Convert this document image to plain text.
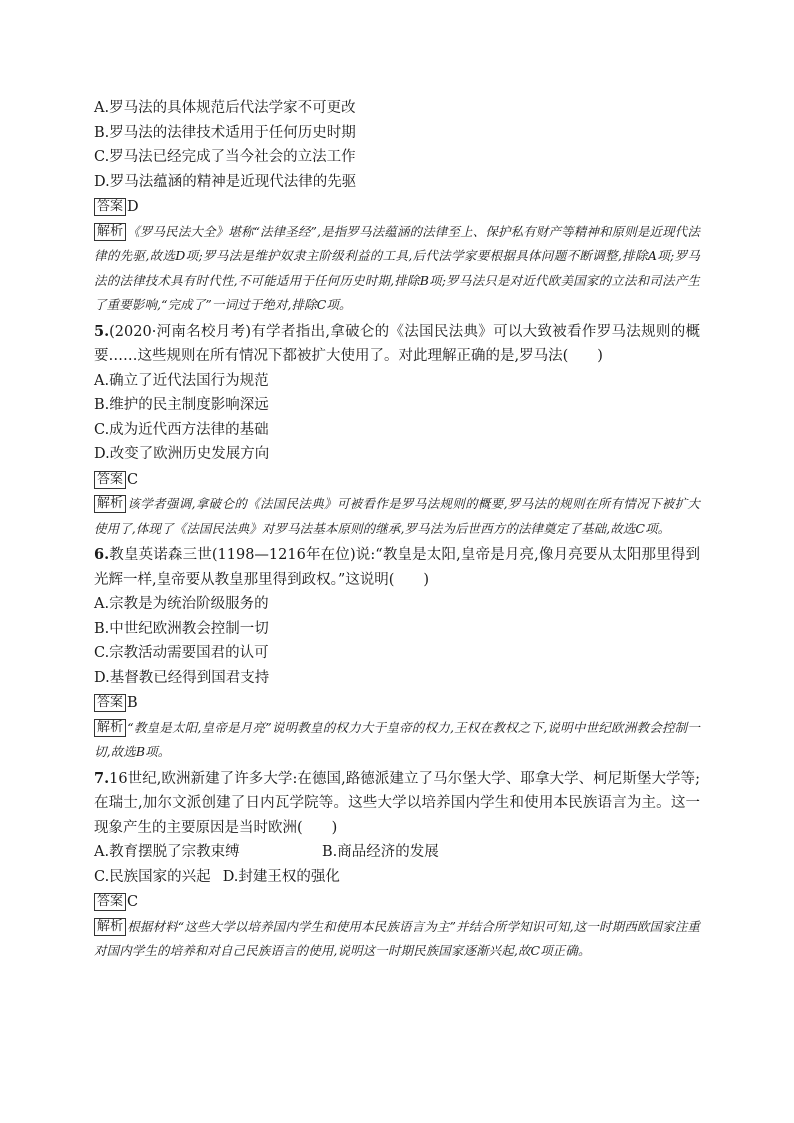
A.罗马法的具体规范后代法学家不可更改
B.罗马法的法律技术适用于任何历史时期
C.罗马法已经完成了当今社会的立法工作
D.罗马法蕴涵的精神是近现代法律的先驱
答案 D
解析 《罗马民法大全》堪称“法律圣经”,是指罗马法蕴涵的法律至上、保护私有财产等精神和原则是近现代法律的先驱,故选D项;罗马法是维护奴隶主阶级利益的工具,后代法学家要根据具体问题不断调整,排除A项;罗马法的法律技术具有时代性,不可能适用于任何历史时期,排除B项;罗马法只是对近代欧美国家的立法和司法产生了重要影响,“完成了”一词过于绝对,排除C项。
5.(2020·河南名校月考)有学者指出,拿破仑的《法国民法典》可以大致被看作罗马法规则的概要……这些规则在所有情况下都被扩大使用了。对此理解正确的是,罗马法(　　)
A.确立了近代法国行为规范
B.维护的民主制度影响深远
C.成为近代西方法律的基础
D.改变了欧洲历史发展方向
答案 C
解析 该学者强调,拿破仑的《法国民法典》可被看作是罗马法规则的概要,罗马法的规则在所有情况下被扩大使用了,体现了《法国民法典》对罗马法基本原则的继承,罗马法为后世西方的法律奠定了基础,故选C项。
6.教皇英诺森三世(1198—1216年在位)说:“教皇是太阳,皇帝是月亮,像月亮要从太阳那里得到光辉一样,皇帝要从教皇那里得到政权。”这说明(　　)
A.宗教是为统治阶级服务的
B.中世纪欧洲教会控制一切
C.宗教活动需要国君的认可
D.基督教已经得到国君支持
答案 B
解析 “教皇是太阳,皇帝是月亮”说明教皇的权力大于皇帝的权力,王权在教权之下,说明中世纪欧洲教会控制一切,故选B项。
7.16世纪,欧洲新建了许多大学:在德国,路德派建立了马尔堡大学、耶拿大学、柯尼斯堡大学等;在瑞士,加尔文派创建了日内瓦学院等。这些大学以培养国内学生和使用本民族语言为主。这一现象产生的主要原因是当时欧洲(　　)
A.教育摆脱了宗教束缚	B.商品经济的发展
C.民族国家的兴起 D.封建王权的强化
答案 C
解析 根据材料“这些大学以培养国内学生和使用本民族语言为主”并结合所学知识可知,这一时期西欧国家注重对国内学生的培养和对自己民族语言的使用,说明这一时期民族国家逐渐兴起,故C项正确。
